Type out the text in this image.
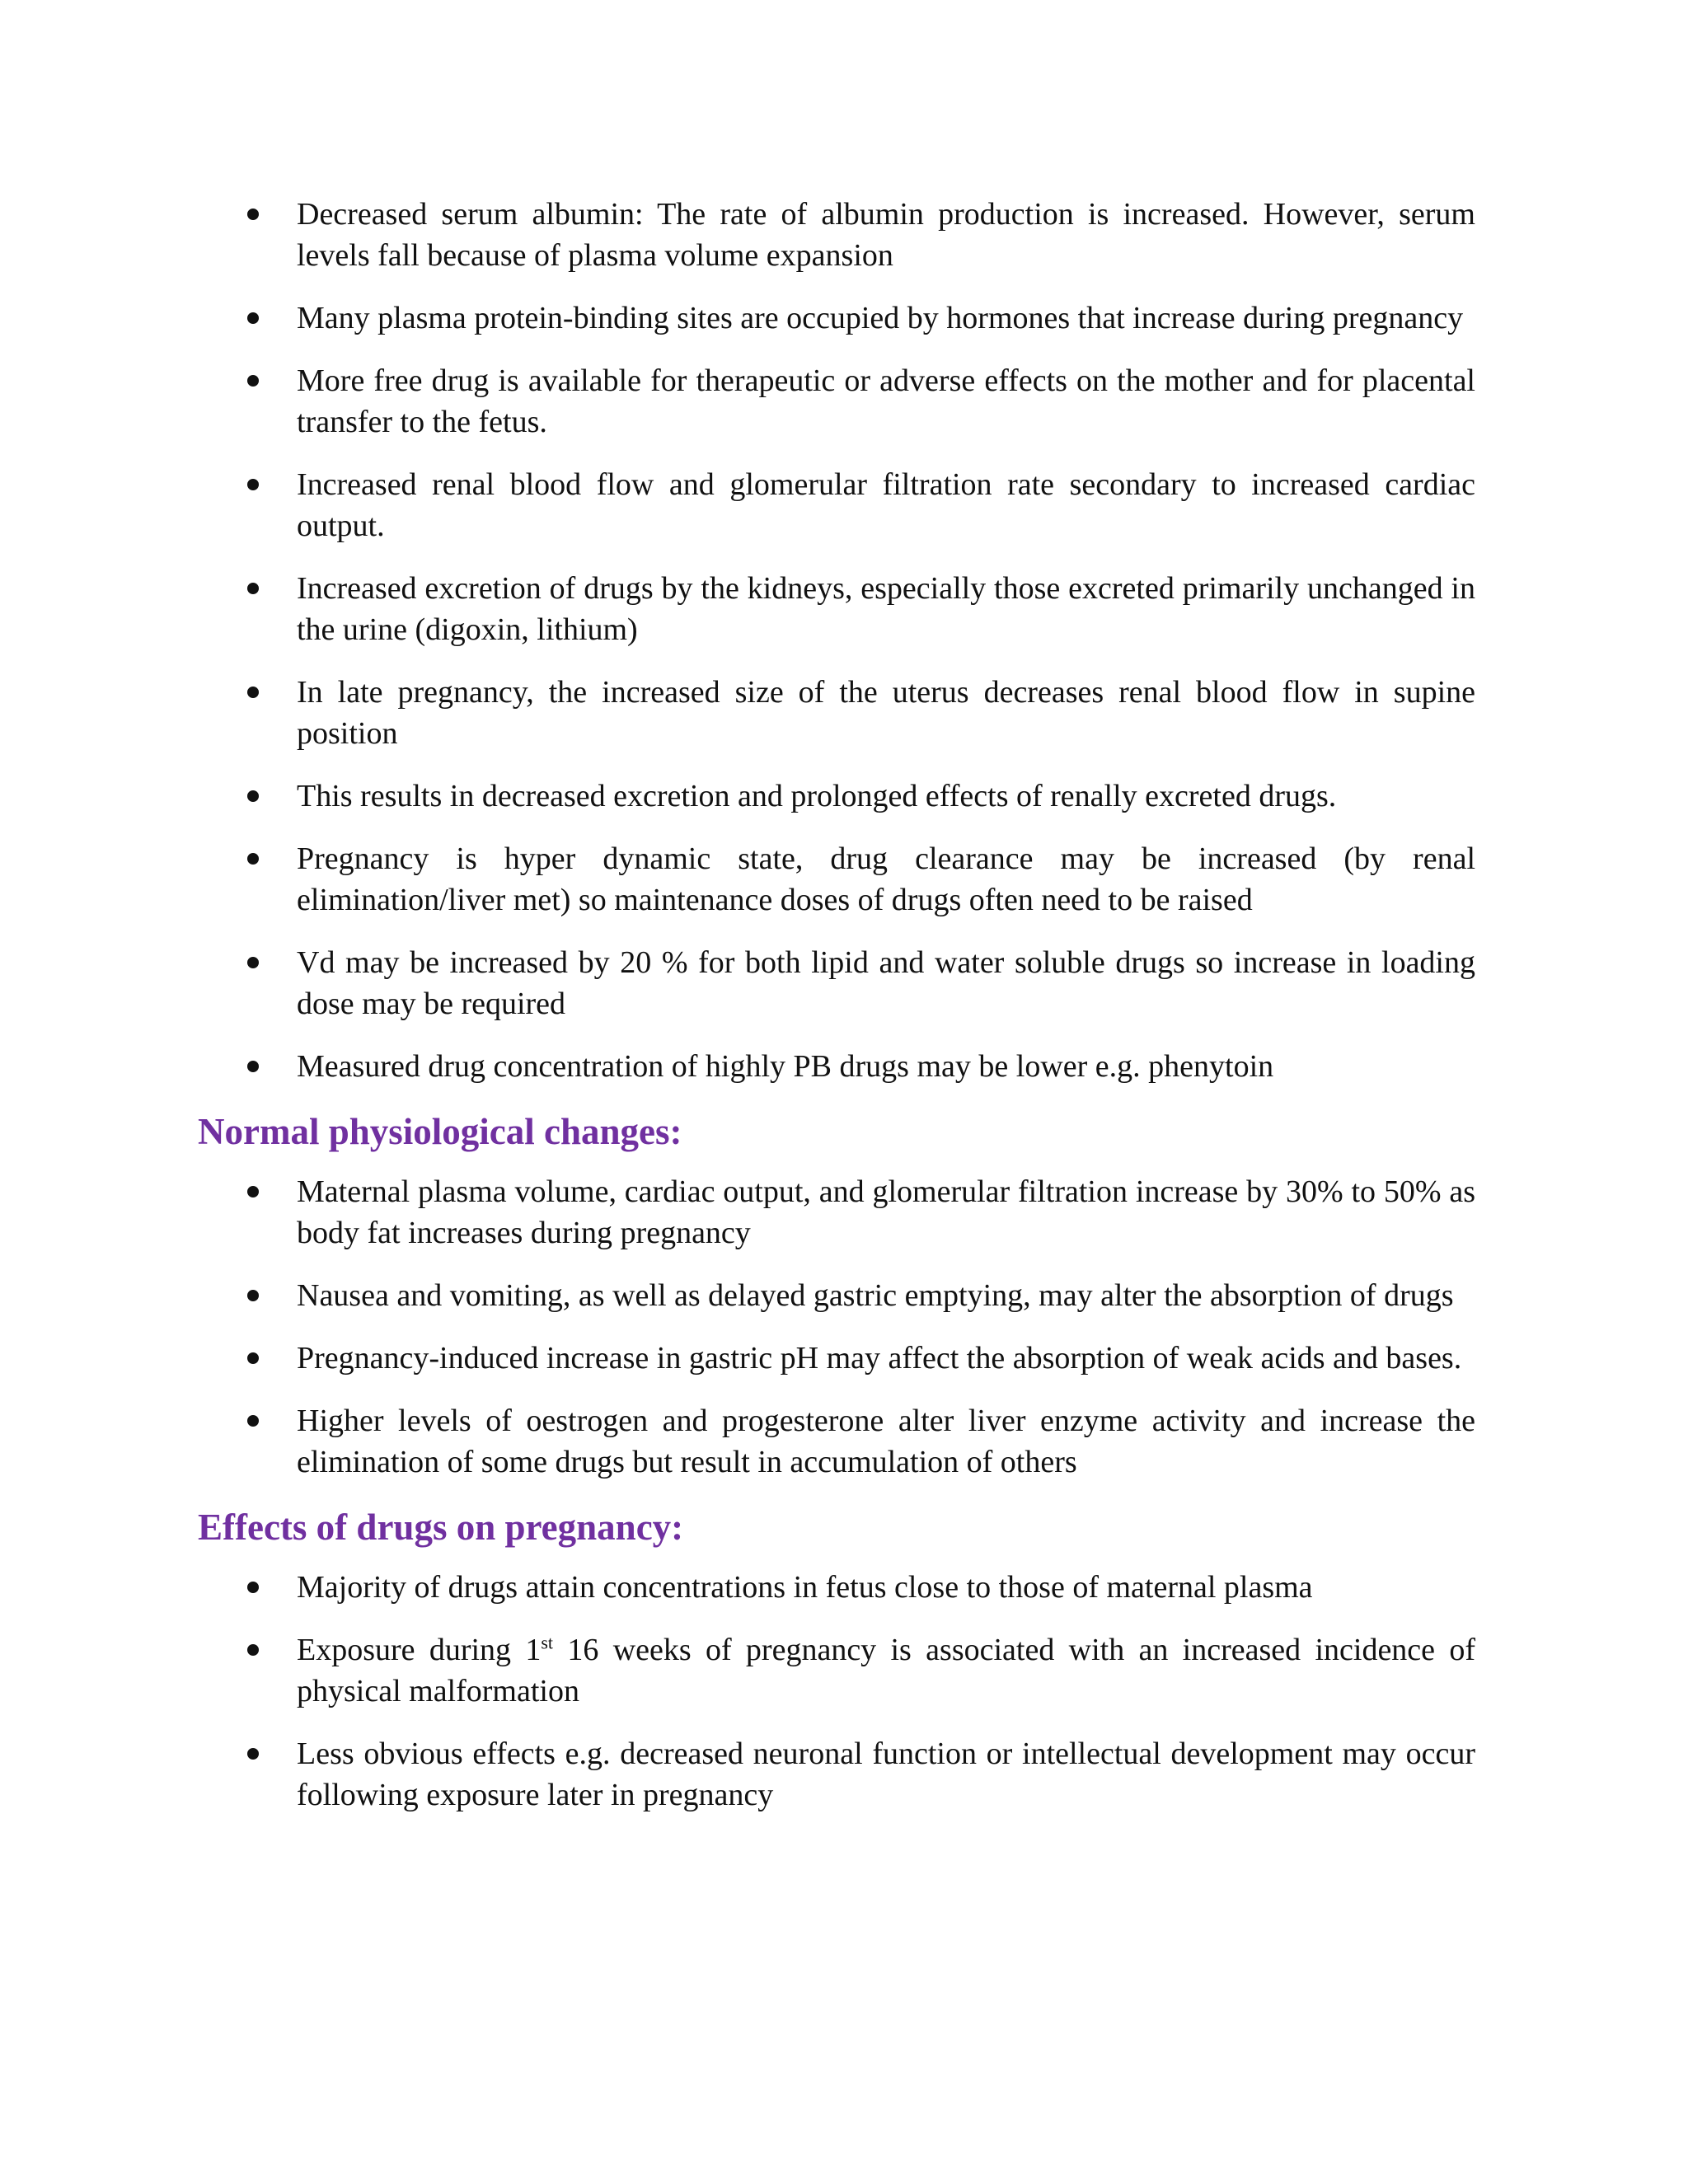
Decreased serum albumin: The rate of albumin production is increased. However, serum levels fall because of plasma volume expansion
Many plasma protein-binding sites are occupied by hormones that increase during pregnancy
More free drug is available for therapeutic or adverse effects on the mother and for placental transfer to the fetus.
Increased renal blood flow and glomerular filtration rate secondary to increased cardiac output.
Increased excretion of drugs by the kidneys, especially those excreted primarily unchanged in the urine (digoxin, lithium)
In late pregnancy, the increased size of the uterus decreases renal blood flow in supine position
This results in decreased excretion and prolonged effects of renally excreted drugs.
Pregnancy is hyper dynamic state, drug clearance may be increased (by renal elimination/liver met) so maintenance doses of drugs often need to be raised
Vd may be increased by 20 % for both lipid and water soluble drugs so increase in loading dose may be required
Measured drug concentration of highly PB drugs may be lower e.g. phenytoin
Normal physiological changes:
Maternal plasma volume, cardiac output, and glomerular filtration increase by 30% to 50% as body fat increases during pregnancy
Nausea and vomiting, as well as delayed gastric emptying, may alter the absorption of drugs
Pregnancy-induced increase in gastric pH may affect the absorption of weak acids and bases.
Higher levels of oestrogen and progesterone alter liver enzyme activity and increase the elimination of some drugs but result in accumulation of others
Effects of drugs on pregnancy:
Majority of drugs attain concentrations in fetus close to those of maternal plasma
Exposure during 1st 16 weeks of pregnancy is associated with an increased incidence of physical malformation
Less obvious effects e.g. decreased neuronal function or intellectual development may occur following exposure later in pregnancy
